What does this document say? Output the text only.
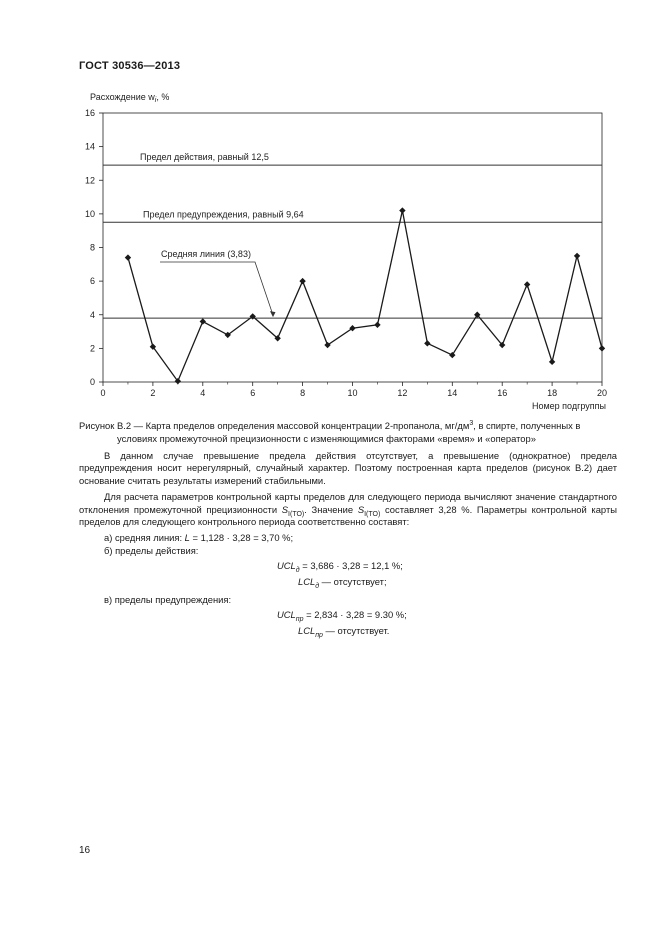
ГОСТ 30536—2013
0
2
4
6
8
10
12
14
16
0	2	4	6	8	10	12	14	16	18	20
Расхождение $w_i$, %
Номер подгруппы
Предел действия, равный 12,5
Предел предупреждения, равный 9,64
Средняя линия (3,83)
Рисунок В.2 — Карта пределов определения массовой концентрации 2-пропанола, $мг/дм^3$, в спирте, полученных в
условиях промежуточной прецизионности с изменяющимися факторами «время» и «оператор»

В данном случае превышение предела действия отсутствует, а превышение (однократное) предела предупреждения носит нерегулярный, случайный характер. Поэтому построенная карта пределов (рисунок В.2) дает основание считать результаты измерений стабильными.

Для расчета параметров контрольной карты пределов для следующего периода вычисляют значение стандартного отклонения промежуточной прецизионности $S_{I(TO)}$. Значение $S_{I(TO)}$ составляет 3,28 %. Параметры контрольной карты пределов для следующего контрольного периода соответственно составят:

а) средняя линия: L = 1,128 · 3,28 = 3,70 %;

б) пределы действия:

$UCL_д = 3,686 \cdot 3,28 = 12,1$ %;

$LCL_д$ — отсутствует;

в) пределы предупреждения:

$UCL_{пр} = 2,834 \cdot 3,28 = 9.30$ %;

$LCL_{пр}$ — отсутствует.

16
